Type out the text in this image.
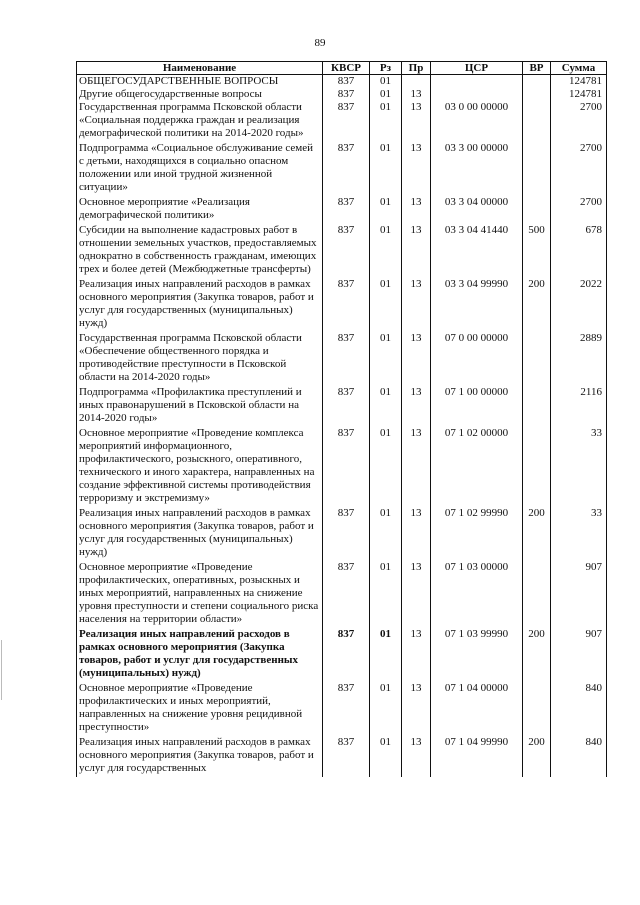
89
Наименование	КВСР	Рз	Пр	ЦСР	ВР	Сумма
ОБЩЕГОСУДАРСТВЕННЫЕ ВОПРОСЫ	837	01				124781
Другие общегосударственные вопросы	837	01	13			124781
Государственная программа Псковской области «Социальная поддержка граждан и реализация демографической политики на 2014-2020 годы»	837	01	13	03 0 00 00000		2700
Подпрограмма «Социальное обслуживание семей с детьми, находящихся в социально опасном положении или иной трудной жизненной ситуации»	837	01	13	03 3 00 00000		2700
Основное мероприятие «Реализация демографической политики»	837	01	13	03 3 04 00000		2700
Субсидии на выполнение кадастровых работ в отношении земельных участков, предоставляемых однократно в собственность гражданам, имеющих трех и более детей (Межбюджетные трансферты)	837	01	13	03 3 04 41440	500	678
Реализация иных направлений расходов в рамках основного мероприятия (Закупка товаров, работ и услуг для государственных (муниципальных) нужд)	837	01	13	03 3 04 99990	200	2022
Государственная программа Псковской области «Обеспечение общественного порядка и противодействие преступности в Псковской области на 2014-2020 годы»	837	01	13	07 0 00 00000		2889
Подпрограмма «Профилактика преступлений и иных правонарушений в Псковской области на 2014-2020 годы»	837	01	13	07 1 00 00000		2116
Основное мероприятие «Проведение комплекса мероприятий информационного, профилактического, розыскного, оперативного, технического и иного характера, направленных на создание эффективной системы противодействия терроризму и экстремизму»	837	01	13	07 1 02 00000		33
Реализация иных направлений расходов в рамках основного мероприятия (Закупка товаров, работ и услуг для государственных (муниципальных) нужд)	837	01	13	07 1 02 99990	200	33
Основное мероприятие «Проведение профилактических, оперативных, розыскных и иных мероприятий, направленных на снижение уровня преступности и степени социального риска населения на территории области»	837	01	13	07 1 03 00000		907
Реализация иных направлений расходов в рамках основного мероприятия (Закупка товаров, работ и услуг для государственных (муниципальных) нужд)	837	01	13	07 1 03 99990	200	907
Основное мероприятие «Проведение профилактических и иных мероприятий, направленных на снижение уровня рецидивной преступности»	837	01	13	07 1 04 00000		840
Реализация иных направлений расходов в рамках основного мероприятия (Закупка товаров, работ и услуг для государственных	837	01	13	07 1 04 99990	200	840
